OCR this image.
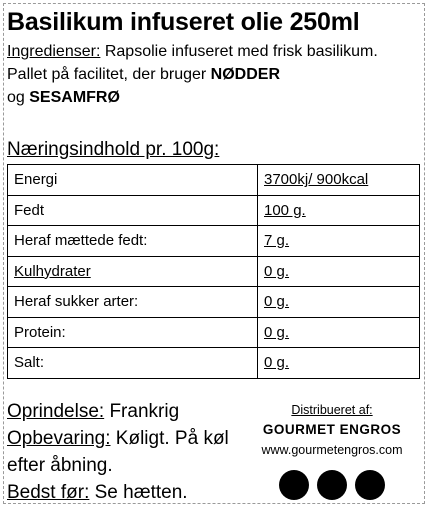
Basilikum infuseret olie 250ml
Ingredienser: Rapsolie infuseret med frisk basilikum.
Pallet på facilitet, der bruger NØDDER
og SESAMFRØ
Næringsindhold pr. 100g:
Energi	3700kj/ 900kcal
Fedt	100 g.
Heraf mættede fedt:	7 g.
Kulhydrater	0 g.
Heraf sukker arter:	0 g.
Protein:	0 g.
Salt:	0 g.
Oprindelse: Frankrig
Opbevaring: Køligt. På køl efter åbning.
Bedst før: Se hætten.
Distribueret af:
GOURMET ENGROS
www.gourmetengros.com
